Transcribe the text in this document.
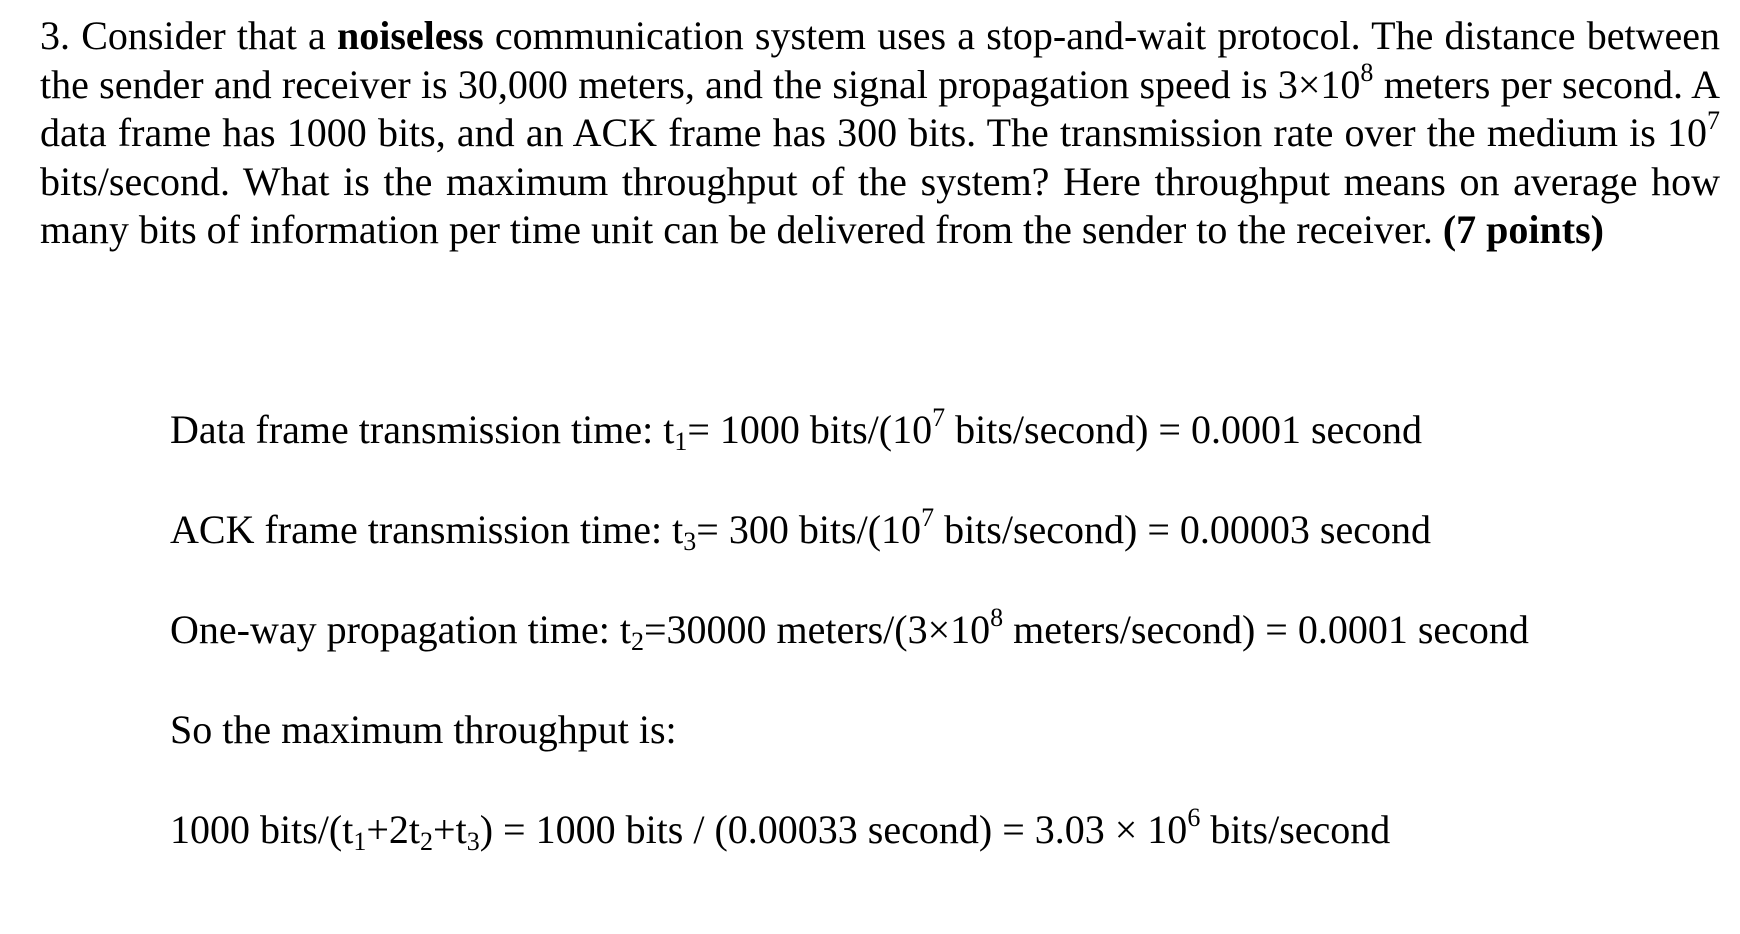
3. Consider that a noiseless communication system uses a stop-and-wait protocol. The distance between the sender and receiver is 30,000 meters, and the signal propagation speed is $3\times 10^8$ meters per second. A data frame has 1000 bits, and an ACK frame has 300 bits. The transmission rate over the medium is $10^7$ bits/second. What is the maximum throughput of the system? Here throughput means on average how many bits of information per time unit can be delivered from the sender to the receiver. (7 points)
Data frame transmission time: $t_1= 1000$ bits/($10^7$ bits/second) = 0.0001 second
ACK frame transmission time: $t_3= 300$ bits/($10^7$ bits/second) = 0.00003 second
One-way propagation time: $t_2=30000$ meters/($3\times 10^8$ meters/second) = 0.0001 second
So the maximum throughput is:
1000 bits/$(t_1+2t_2+t_3) = 1000$ bits / (0.00033 second) = $3.03 \times 10^6$ bits/second
